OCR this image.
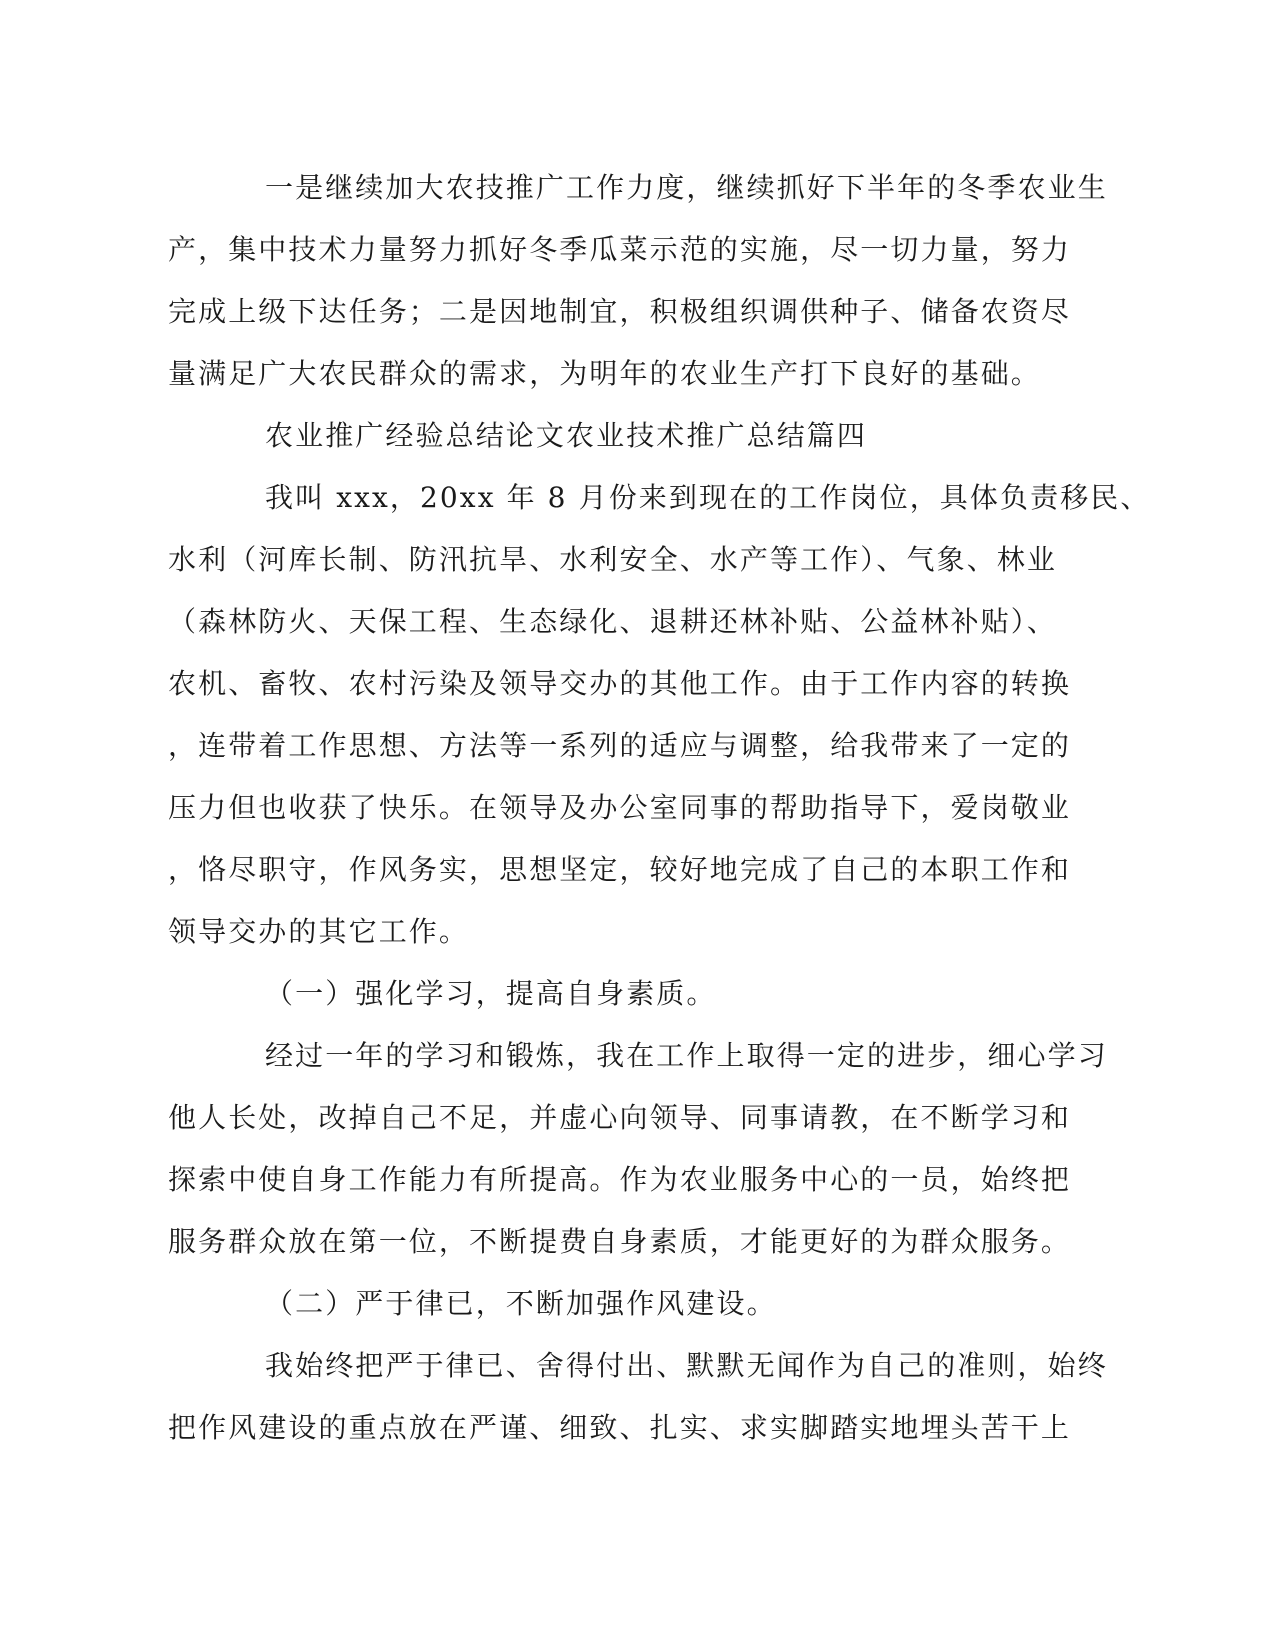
一是继续加大农技推广工作力度，继续抓好下半年的冬季农业生
产，集中技术力量努力抓好冬季瓜菜示范的实施，尽一切力量，努力
完成上级下达任务；二是因地制宜，积极组织调供种子、储备农资尽
量满足广大农民群众的需求，为明年的农业生产打下良好的基础。
农业推广经验总结论文农业技术推广总结篇四
我叫 xxx，20xx 年 8 月份来到现在的工作岗位，具体负责移民、
水利（河库长制、防汛抗旱、水利安全、水产等工作）、气象、林业
（森林防火、天保工程、生态绿化、退耕还林补贴、公益林补贴）、
农机、畜牧、农村污染及领导交办的其他工作。由于工作内容的转换
，连带着工作思想、方法等一系列的适应与调整，给我带来了一定的
压力但也收获了快乐。在领导及办公室同事的帮助指导下，爱岗敬业
，恪尽职守，作风务实，思想坚定，较好地完成了自己的本职工作和
领导交办的其它工作。
（一）强化学习，提高自身素质。
经过一年的学习和锻炼，我在工作上取得一定的进步，细心学习
他人长处，改掉自己不足，并虚心向领导、同事请教，在不断学习和
探索中使自身工作能力有所提高。作为农业服务中心的一员，始终把
服务群众放在第一位，不断提费自身素质，才能更好的为群众服务。
（二）严于律已，不断加强作风建设。
我始终把严于律已、舍得付出、默默无闻作为自己的准则，始终
把作风建设的重点放在严谨、细致、扎实、求实脚踏实地埋头苦干上
